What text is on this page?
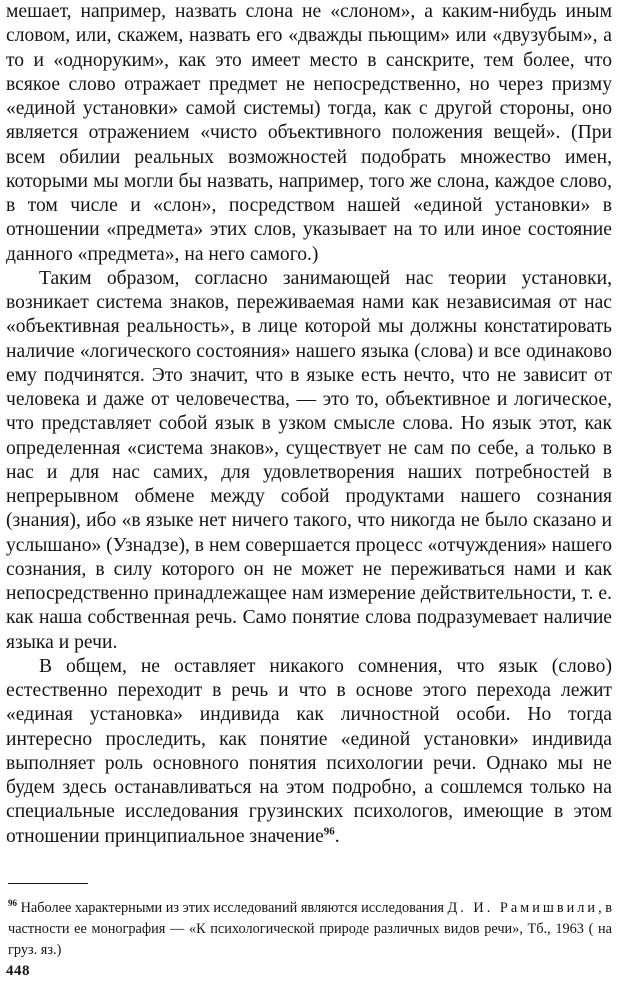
мешает, например, назвать слона не «слоном», а каким-нибудь иным словом, или, скажем, назвать его «дважды пьющим» или «двузубым», а то и «одноруким», как это имеет место в санскрите, тем более, что всякое слово отражает предмет не непосредственно, но через призму «единой установки» самой системы) тогда, как с другой стороны, оно является отражением «чисто объективного положения вещей». (При всем обилии реальных возможностей подобрать множество имен, которыми мы могли бы назвать, например, того же слона, каждое слово, в том числе и «слон», посредством нашей «единой установки» в отношении «предмета» этих слов, указывает на то или иное состояние данного «предмета», на него самого.)

Таким образом, согласно занимающей нас теории установки, возникает система знаков, переживаемая нами как независимая от нас «объективная реальность», в лице которой мы должны констатировать наличие «логического состояния» нашего языка (слова) и все одинаково ему подчинятся. Это значит, что в языке есть нечто, что не зависит от человека и даже от человечества, — это то, объективное и логическое, что представляет собой язык в узком смысле слова. Но язык этот, как определенная «система знаков», существует не сам по себе, а только в нас и для нас самих, для удовлетворения наших потребностей в непрерывном обмене между собой продуктами нашего сознания (знания), ибо «в языке нет ничего такого, что никогда не было сказано и услышано» (Узнадзе), в нем совершается процесс «отчуждения» нашего сознания, в силу которого он не может не переживаться нами и как непосредственно принадлежащее нам измерение действительности, т. е. как наша собственная речь. Само понятие слова подразумевает наличие языка и речи.

В общем, не оставляет никакого сомнения, что язык (слово) естественно переходит в речь и что в основе этого перехода лежит «единая установка» индивида как личностной особи. Но тогда интересно проследить, как понятие «единой установки» индивида выполняет роль основного понятия психологии речи. Однако мы не будем здесь останавливаться на этом подробно, а сошлемся только на специальные исследования грузинских психологов, имеющие в этом отношении принципиальное значение$^{96}$.

$^{96}$ Наболее характерными из этих исследований являются исследования Д. И. Рамишвили, в частности ее монография — «К психологической природе различных видов речи», Тб., 1963 ( на груз. яз.)
448
